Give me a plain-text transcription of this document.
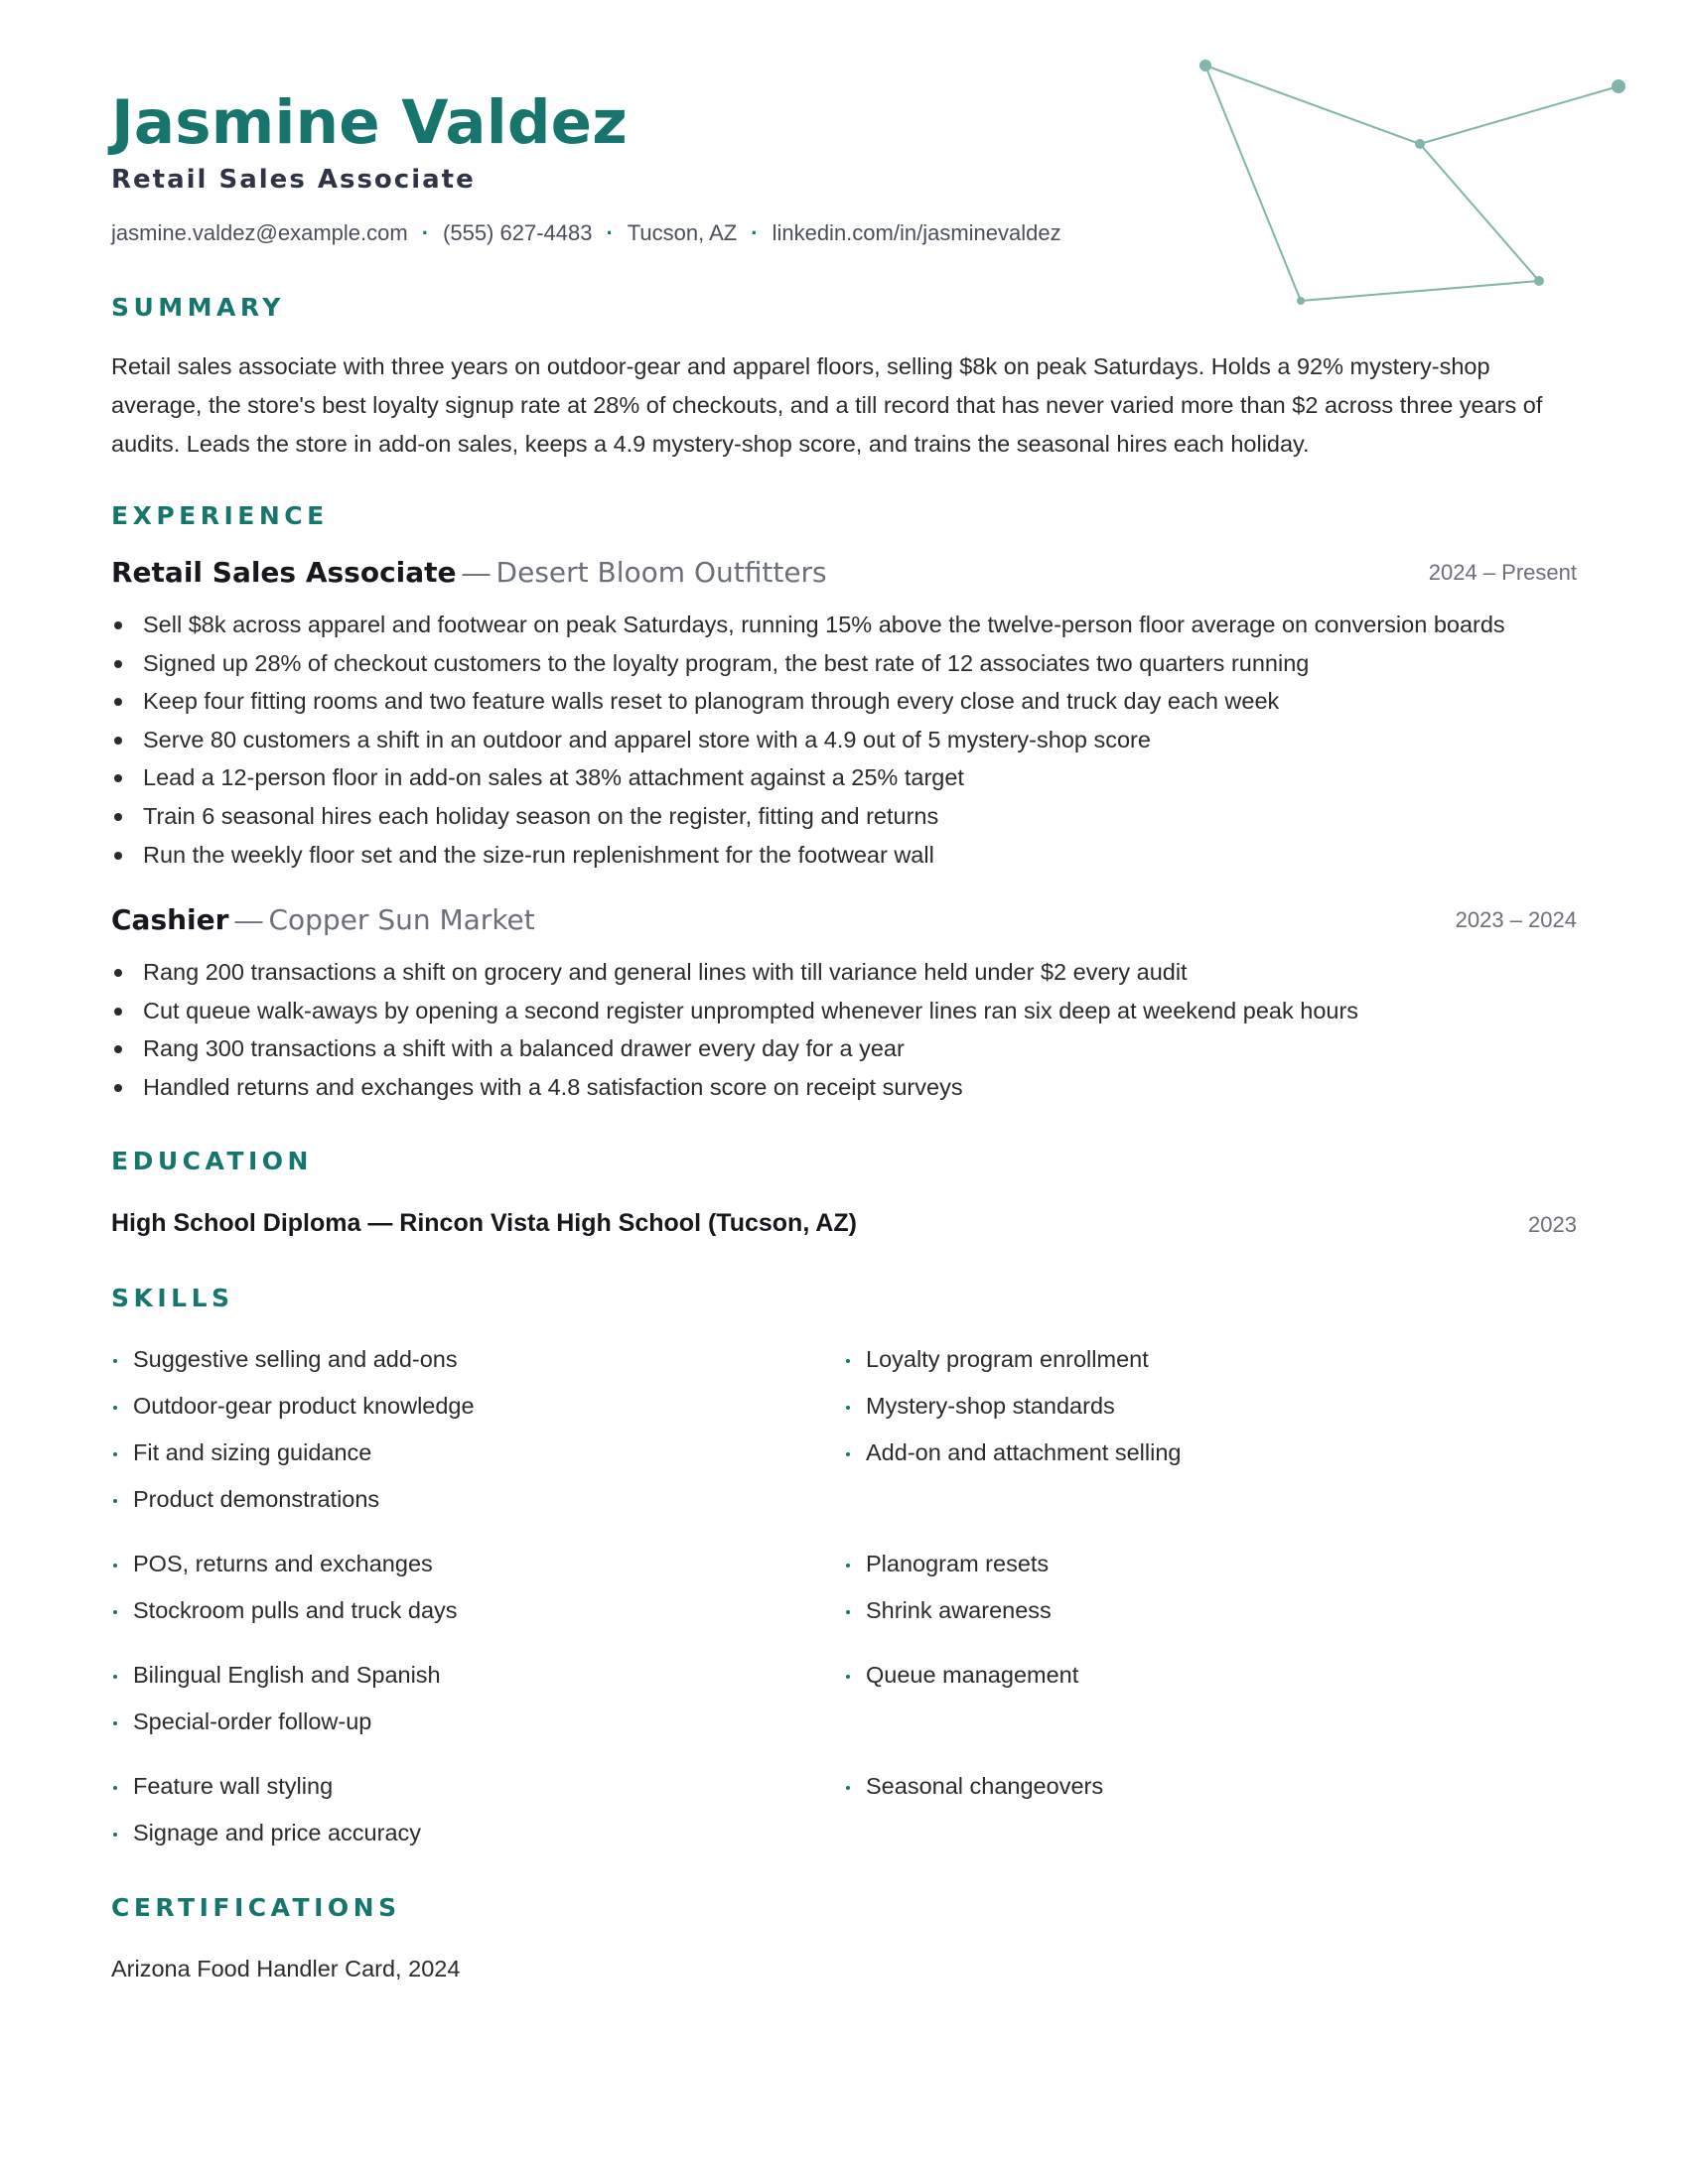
Jasmine Valdez
Retail Sales Associate
jasmine.valdez@example.com · (555) 627-4483 · Tucson, AZ · linkedin.com/in/jasminevaldez
SUMMARY

Retail sales associate with three years on outdoor-gear and apparel floors, selling $8k on peak Saturdays. Holds a 92% mystery-shop average, the store's best loyalty signup rate at 28% of checkouts, and a till record that has never varied more than $2 across three years of audits. Leads the store in add-on sales, keeps a 4.9 mystery-shop score, and trains the seasonal hires each holiday.

EXPERIENCE
Retail Sales Associate — Desert Bloom Outfitters	2024 – Present
Sell $8k across apparel and footwear on peak Saturdays, running 15% above the twelve-person floor average on conversion boards
Signed up 28% of checkout customers to the loyalty program, the best rate of 12 associates two quarters running
Keep four fitting rooms and two feature walls reset to planogram through every close and truck day each week
Serve 80 customers a shift in an outdoor and apparel store with a 4.9 out of 5 mystery-shop score
Lead a 12-person floor in add-on sales at 38% attachment against a 25% target
Train 6 seasonal hires each holiday season on the register, fitting and returns
Run the weekly floor set and the size-run replenishment for the footwear wall
Cashier — Copper Sun Market	2023 – 2024
Rang 200 transactions a shift on grocery and general lines with till variance held under $2 every audit
Cut queue walk-aways by opening a second register unprompted whenever lines ran six deep at weekend peak hours
Rang 300 transactions a shift with a balanced drawer every day for a year
Handled returns and exchanges with a 4.8 satisfaction score on receipt surveys
EDUCATION
High School Diploma — Rincon Vista High School (Tucson, AZ)	2023
SKILLS
Suggestive selling and add-ons
Outdoor-gear product knowledge
Fit and sizing guidance
Product demonstrations
Loyalty program enrollment
Mystery-shop standards
Add-on and attachment selling
POS, returns and exchanges
Stockroom pulls and truck days
Planogram resets
Shrink awareness
Bilingual English and Spanish
Special-order follow-up
Queue management
Feature wall styling
Signage and price accuracy
Seasonal changeovers
CERTIFICATIONS
Arizona Food Handler Card, 2024
